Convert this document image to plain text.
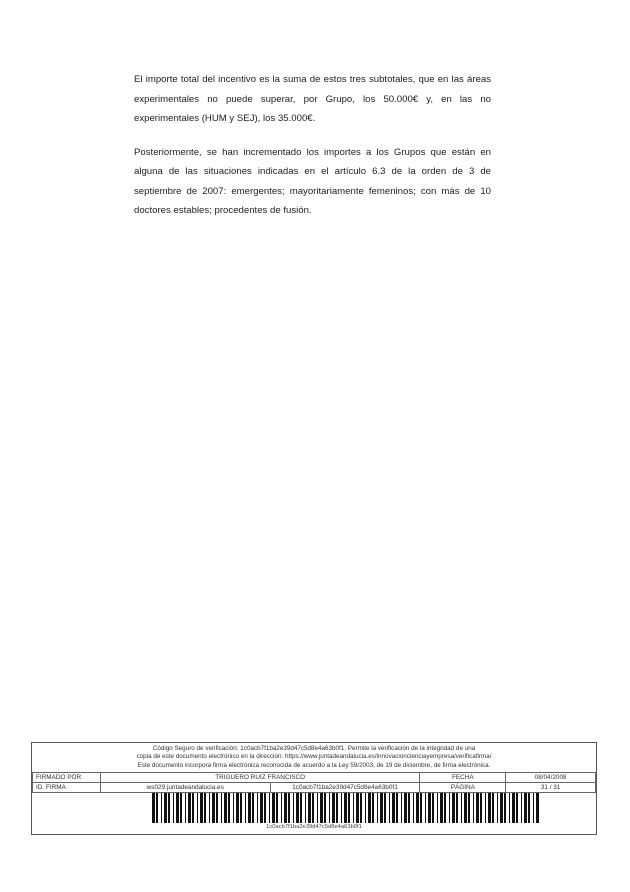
El importe total del incentivo es la suma de estos tres subtotales, que en las áreas experimentales no puede superar, por Grupo, los 50.000€ y, en las no experimentales (HUM y SEJ), los 35.000€.

Posteriormente, se han incrementado los importes a los Grupos que están en alguna de las situaciones indicadas en el artículo 6.3 de la orden de 3 de septiembre de 2007: emergentes; mayoritariamente femeninos; con más de 10 doctores estables; procedentes de fusión.

Código Seguro de verificación: 1c0acb7f1ba2e39d47c5d8e4a63b0f1. Permite la verificación de la integridad de una
copia de este documento electrónico en la dirección: https://www.juntadeandalucia.es/innovacioncienciayempresa/verificafirma/
Este documento incorpora firma electrónica reconocida de acuerdo a la Ley 59/2003, de 19 de diciembre, de firma electrónica.
FIRMADO POR	TRIGUERO RUIZ FRANCISCO		FECHA	08/04/2008
ID. FIRMA	ws029.juntadeandalucia.es	1c0acb7f1ba2e39d47c5d8e4a63b0f1	PÁGINA	31 / 31
1c0acb7f1ba2e39d47c5d8e4a63b0f1
